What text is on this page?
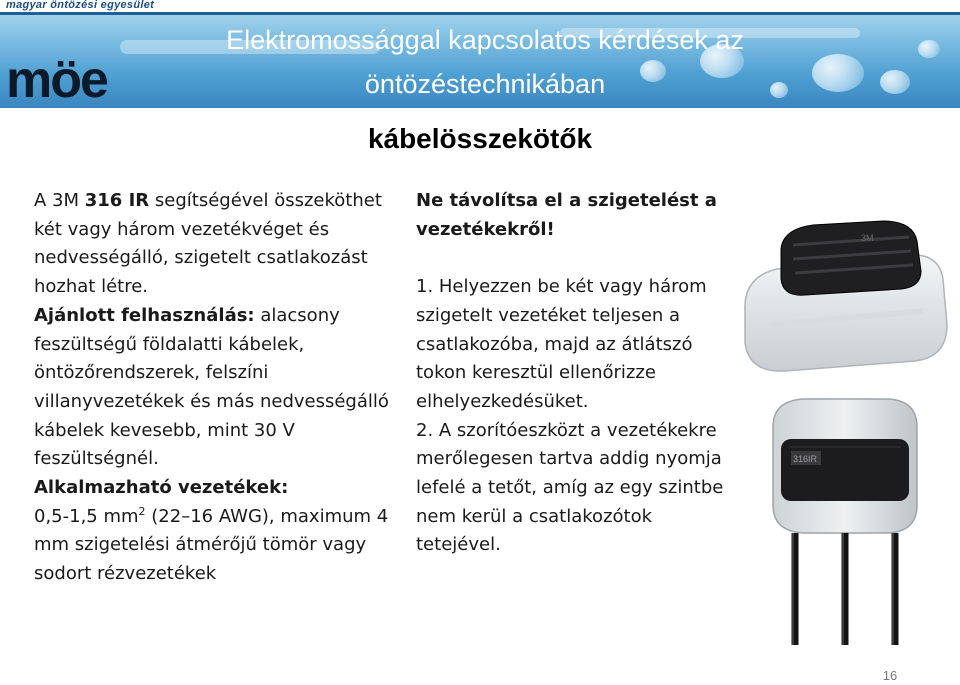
magyar öntözési egyesület
möe
Elektromossággal kapcsolatos kérdések az öntözéstechnikában
kábelösszekötők
A 3M 316 IR segítségével összeköthet két vagy három vezetékvéget és nedvességálló, szigetelt csatlakozást hozhat létre.
Ajánlott felhasználás: alacsony feszültségű földalatti kábelek, öntözőrendszerek, felszíni villanyvezetékek és más nedvességálló kábelek kevesebb, mint 30 V feszültségnél.
Alkalmazható vezetékek:
0,5-1,5 $mm^2$ (22–16 AWG), maximum 4 mm szigetelési átmérőjű tömör vagy sodort rézvezetékek
Ne távolítsa el a szigetelést a vezetékekről!
1. Helyezzen be két vagy három szigetelt vezetéket teljesen a csatlakozóba, majd az átlátszó tokon keresztül ellenőrizze elhelyezkedésüket.
2. A szorítóeszközt a vezetékekre merőlegesen tartva addig nyomja lefelé a tetőt, amíg az egy szintbe nem kerül a csatlakozótok tetejével.
3M
316IR
16
